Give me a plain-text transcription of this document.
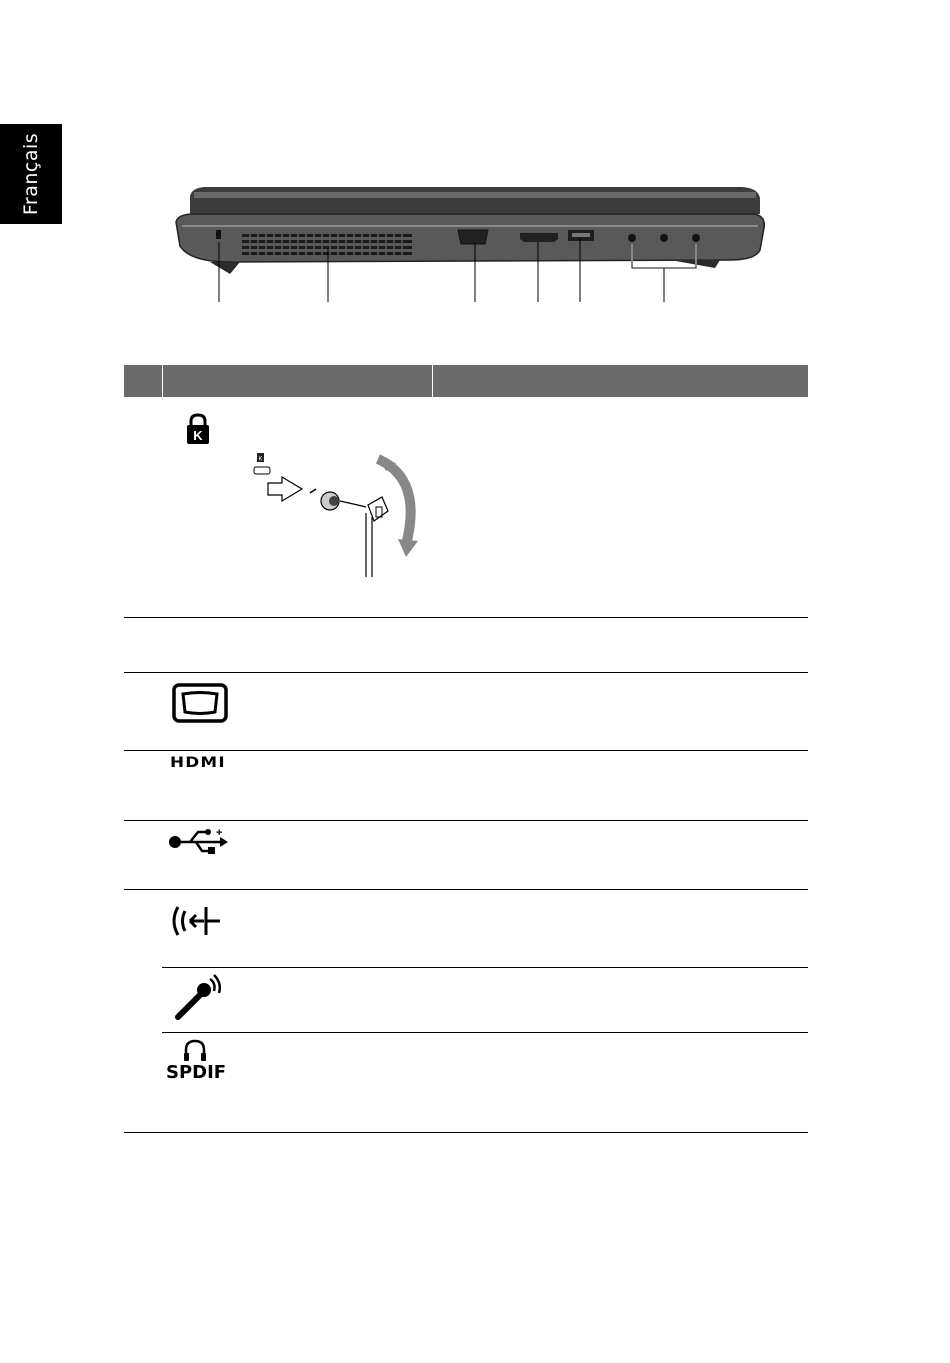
Français
K
K
HDMI
+
SPDIF
